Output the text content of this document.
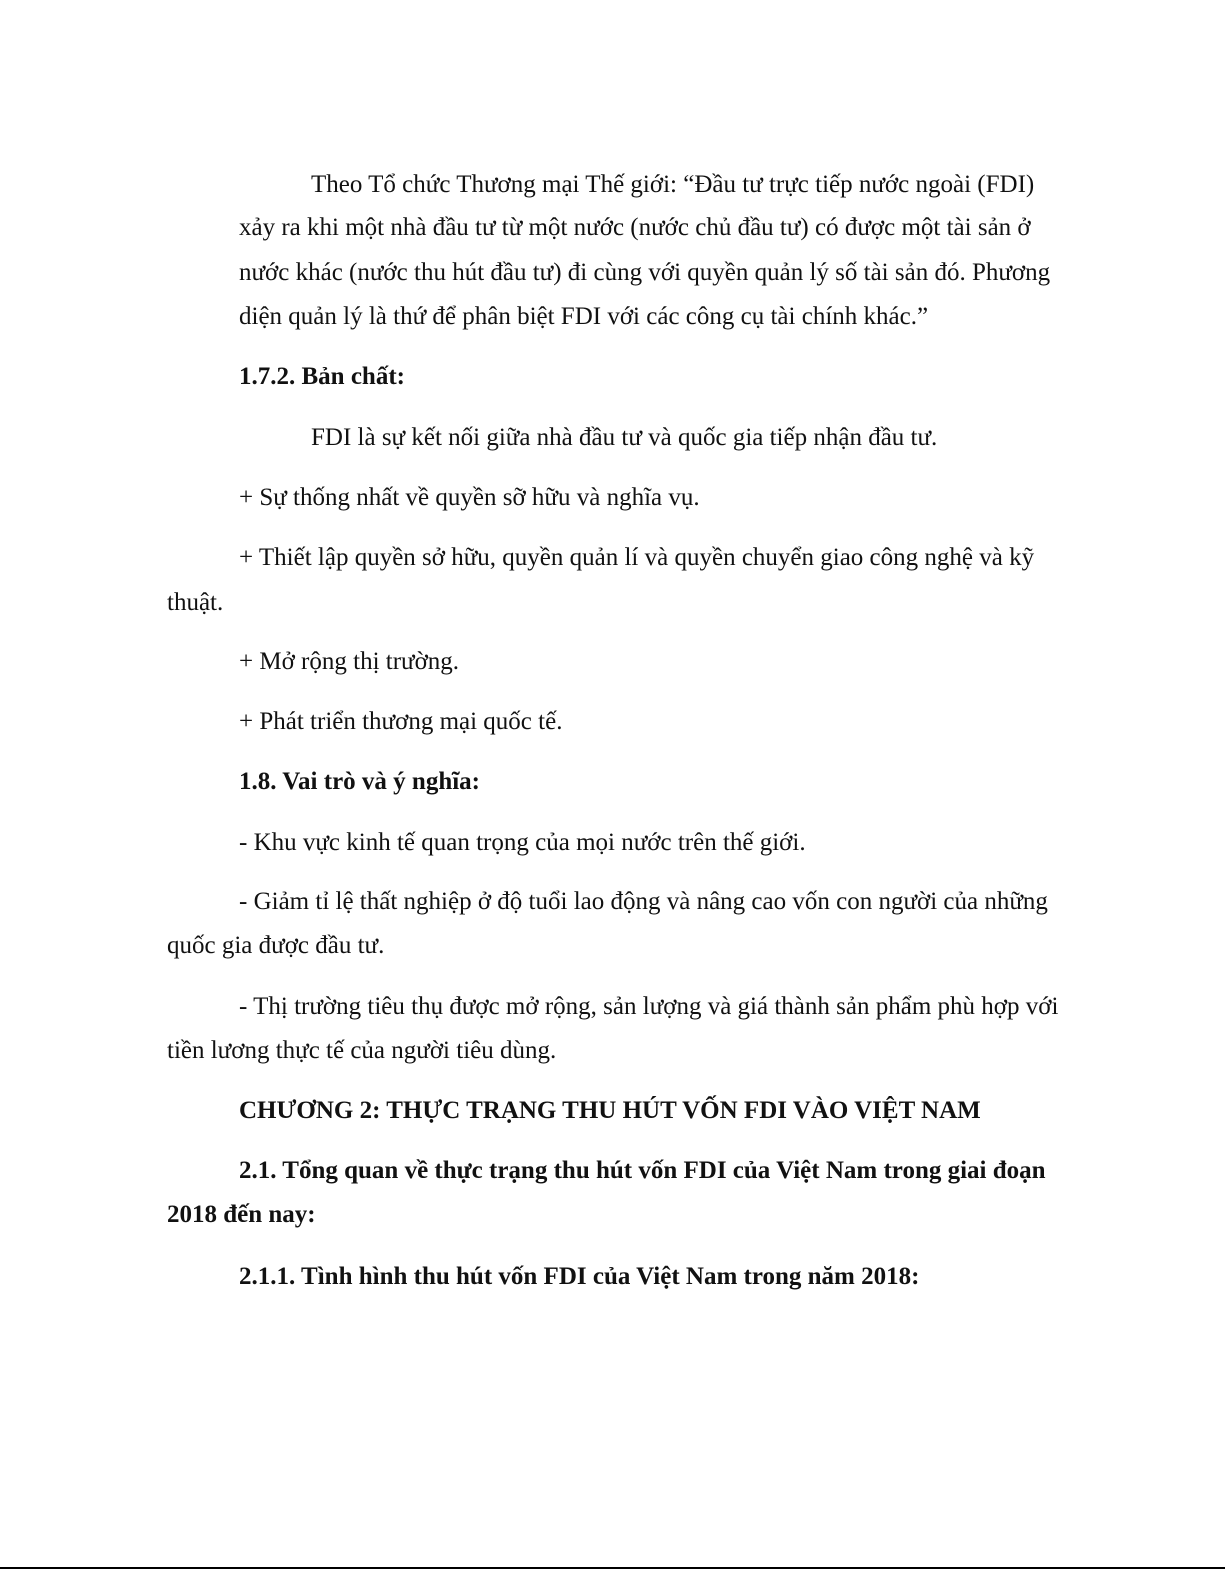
Theo Tổ chức Thương mại Thế giới: “Đầu tư trực tiếp nước ngoài (FDI)
xảy ra khi một nhà đầu tư từ một nước (nước chủ đầu tư) có được một tài sản ở
nước khác (nước thu hút đầu tư) đi cùng với quyền quản lý số tài sản đó. Phương
diện quản lý là thứ để phân biệt FDI với các công cụ tài chính khác.”
1.7.2. Bản chất:
FDI là sự kết nối giữa nhà đầu tư và quốc gia tiếp nhận đầu tư.
+ Sự thống nhất về quyền sỡ hữu và nghĩa vụ.
+ Thiết lập quyền sở hữu, quyền quản lí và quyền chuyển giao công nghệ và kỹ
thuật.
+ Mở rộng thị trường.
+ Phát triển thương mại quốc tế.
1.8. Vai trò và ý nghĩa:
- Khu vực kinh tế quan trọng của mọi nước trên thế giới.
- Giảm tỉ lệ thất nghiệp ở độ tuổi lao động và nâng cao vốn con người của những
quốc gia được đầu tư.
- Thị trường tiêu thụ được mở rộng, sản lượng và giá thành sản phẩm phù hợp với
tiền lương thực tế của người tiêu dùng.
CHƯƠNG 2: THỰC TRẠNG THU HÚT VỐN FDI VÀO VIỆT NAM
2.1. Tổng quan về thực trạng thu hút vốn FDI của Việt Nam trong giai đoạn
2018 đến nay:
2.1.1. Tình hình thu hút vốn FDI của Việt Nam trong năm 2018:
